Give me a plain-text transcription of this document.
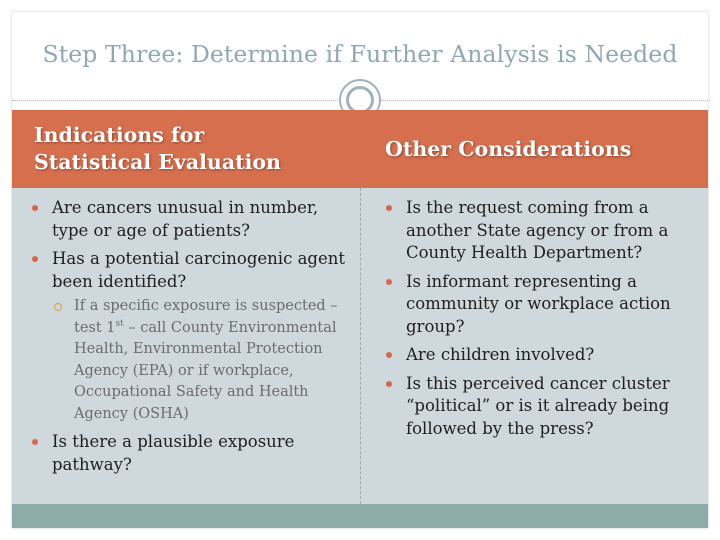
Step Three: Determine if Further Analysis is Needed
Indications for
Statistical Evaluation
Other Considerations
Are cancers unusual in number, type or age of patients?
Has a potential carcinogenic agent been identified?
If a specific exposure is suspected – test 1st – call County Environmental Health, Environmental Protection Agency (EPA) or if workplace, Occupational Safety and Health Agency (OSHA)
Is there a plausible exposure pathway?
Is the request coming from a another State agency or from a County Health Department?
Is informant representing a community or workplace action group?
Are children involved?
Is this perceived cancer cluster “political” or is it already being followed by the press?
